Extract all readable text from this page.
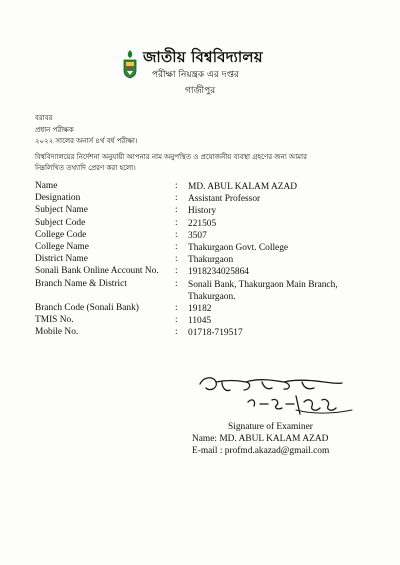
জাতীয় বিশ্ববিদ্যালয়
পরীক্ষা নিয়ন্ত্রক এর দপ্তর
গাজীপুর
বরাবর
প্রধান পরীক্ষক
২০২২ সালের অনার্স ৪র্থ বর্ষ পরীক্ষা।
বিশ্ববিদ্যালয়ের নির্দেশনা অনুযায়ী আপনার নাম অনুপস্থিত ও প্রযোজনীয় ব্যবস্থা গ্রহণের জন্য আমার
নিম্নলিখিত তথ্যাদি প্রেরণ করা হলো।
Name	:	MD. ABUL KALAM AZAD
Designation	:	Assistant Professor
Subject Name	:	History
Subject Code	:	221505
College Code	:	3507
College Name	:	Thakurgaon Govt. College
District Name	:	Thakurgaon
Sonali Bank Online Account No.	:	1918234025864
Branch Name & District	:	Sonali Bank, Thakurgaon Main Branch, Thakurgaon.
Branch Code (Sonali Bank)	:	19182
TMIS No.	:	11045
Mobile No.	:	01718-719517
Signature of Examiner
Name: MD. ABUL KALAM AZAD
E-mail : profmd.akazad@gmail.com
